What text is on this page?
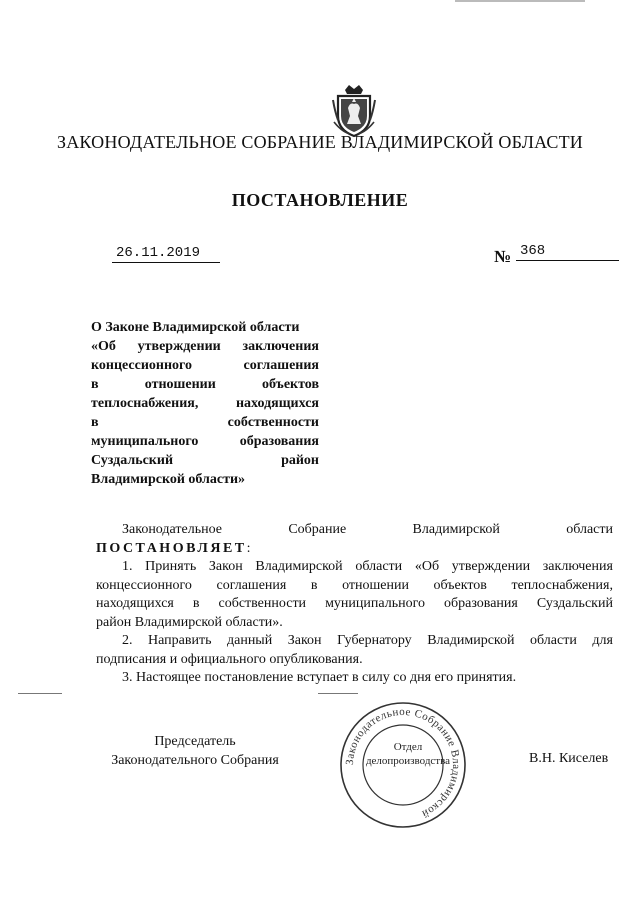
ЗАКОНОДАТЕЛЬНОЕ СОБРАНИЕ ВЛАДИМИРСКОЙ ОБЛАСТИ
ПОСТАНОВЛЕНИЕ
26.11.2019	№ 368
О Законе Владимирской области
«Об утверждении заключения
концессионного	соглашения
в	отношении	объектов
теплоснабжения,	находящихся
в	собственности
муниципального	образования
Суздальский	район
Владимирской области»
Законодательное	Собрание	Владимирской	области
ПОСТАНОВЛЯЕТ:
1. Принять Закон Владимирской области «Об утверждении заключения
концессионного соглашения в отношении объектов теплоснабжения,
находящихся в собственности муниципального образования Суздальский
район Владимирской области».
2. Направить данный Закон Губернатору Владимирской области для
подписания и официального опубликования.
3. Настоящее постановление вступает в силу со дня его принятия.
Законодательное Собрание Владимирской
Отдел
делопроизводства
Председатель
Законодательного Собрания	В.Н. Киселев
